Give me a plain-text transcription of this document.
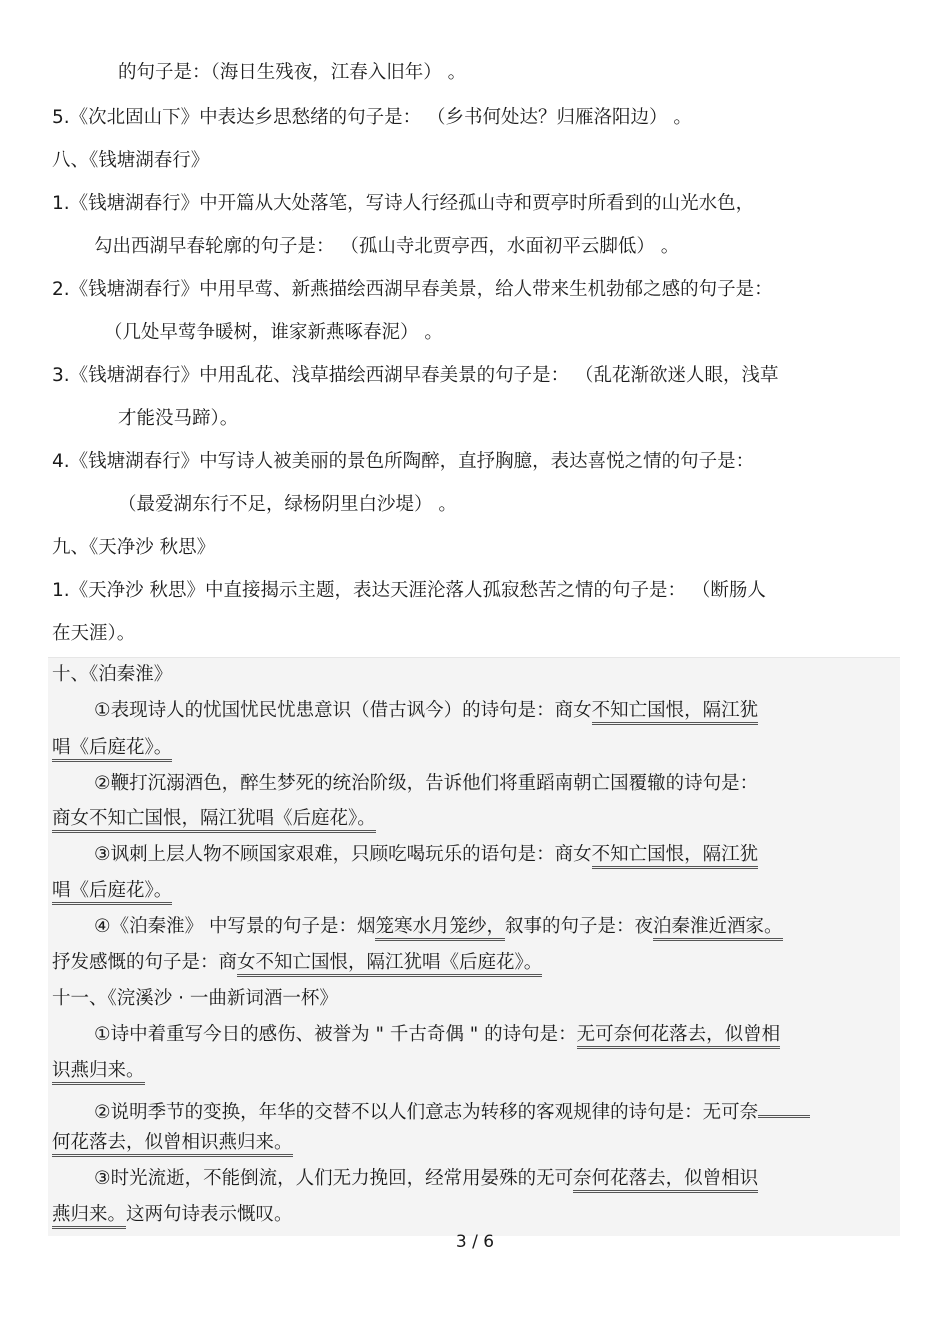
的句子是：（海日生残夜，江春入旧年） 。
5.《次北固山下》中表达乡思愁绪的句子是： （乡书何处达？归雁洛阳边） 。
八、《钱塘湖春行》
1.《钱塘湖春行》中开篇从大处落笔，写诗人行经孤山寺和贾亭时所看到的山光水色，
勾出西湖早春轮廓的句子是： （孤山寺北贾亭西，水面初平云脚低） 。
2.《钱塘湖春行》中用早莺、新燕描绘西湖早春美景，给人带来生机勃郁之感的句子是：
（几处早莺争暖树，谁家新燕啄春泥） 。
3.《钱塘湖春行》中用乱花、浅草描绘西湖早春美景的句子是： （乱花渐欲迷人眼，浅草
才能没马蹄）。
4.《钱塘湖春行》中写诗人被美丽的景色所陶醉，直抒胸臆，表达喜悦之情的句子是：
（最爱湖东行不足，绿杨阴里白沙堤） 。
九、《天净沙 秋思》
1.《天净沙 秋思》中直接揭示主题，表达天涯沦落人孤寂愁苦之情的句子是： （断肠人
在天涯）。
十、《泊秦淮》
①表现诗人的忧国忧民忧患意识（借古讽今）的诗句是：商女不知亡国恨，隔江犹
唱《后庭花》。
②鞭打沉溺酒色，醉生梦死的统治阶级，告诉他们将重蹈南朝亡国覆辙的诗句是：
商女不知亡国恨，隔江犹唱《后庭花》。
③讽刺上层人物不顾国家艰难，只顾吃喝玩乐的语句是：商女不知亡国恨，隔江犹
唱《后庭花》。
④《泊秦淮》 中写景的句子是：烟笼寒水月笼纱，叙事的句子是：夜泊秦淮近酒家。
抒发感慨的句子是：商女不知亡国恨，隔江犹唱《后庭花》。
十一、《浣溪沙 · 一曲新词酒一杯》
①诗中着重写今日的感伤、被誉为 " 千古奇偶 " 的诗句是：无可奈何花落去，似曾相
识燕归来。
②说明季节的变换，年华的交替不以人们意志为转移的客观规律的诗句是：无可奈
何花落去，似曾相识燕归来。
③时光流逝，不能倒流，人们无力挽回，经常用晏殊的无可奈何花落去，似曾相识
燕归来。这两句诗表示慨叹。
3 / 6
